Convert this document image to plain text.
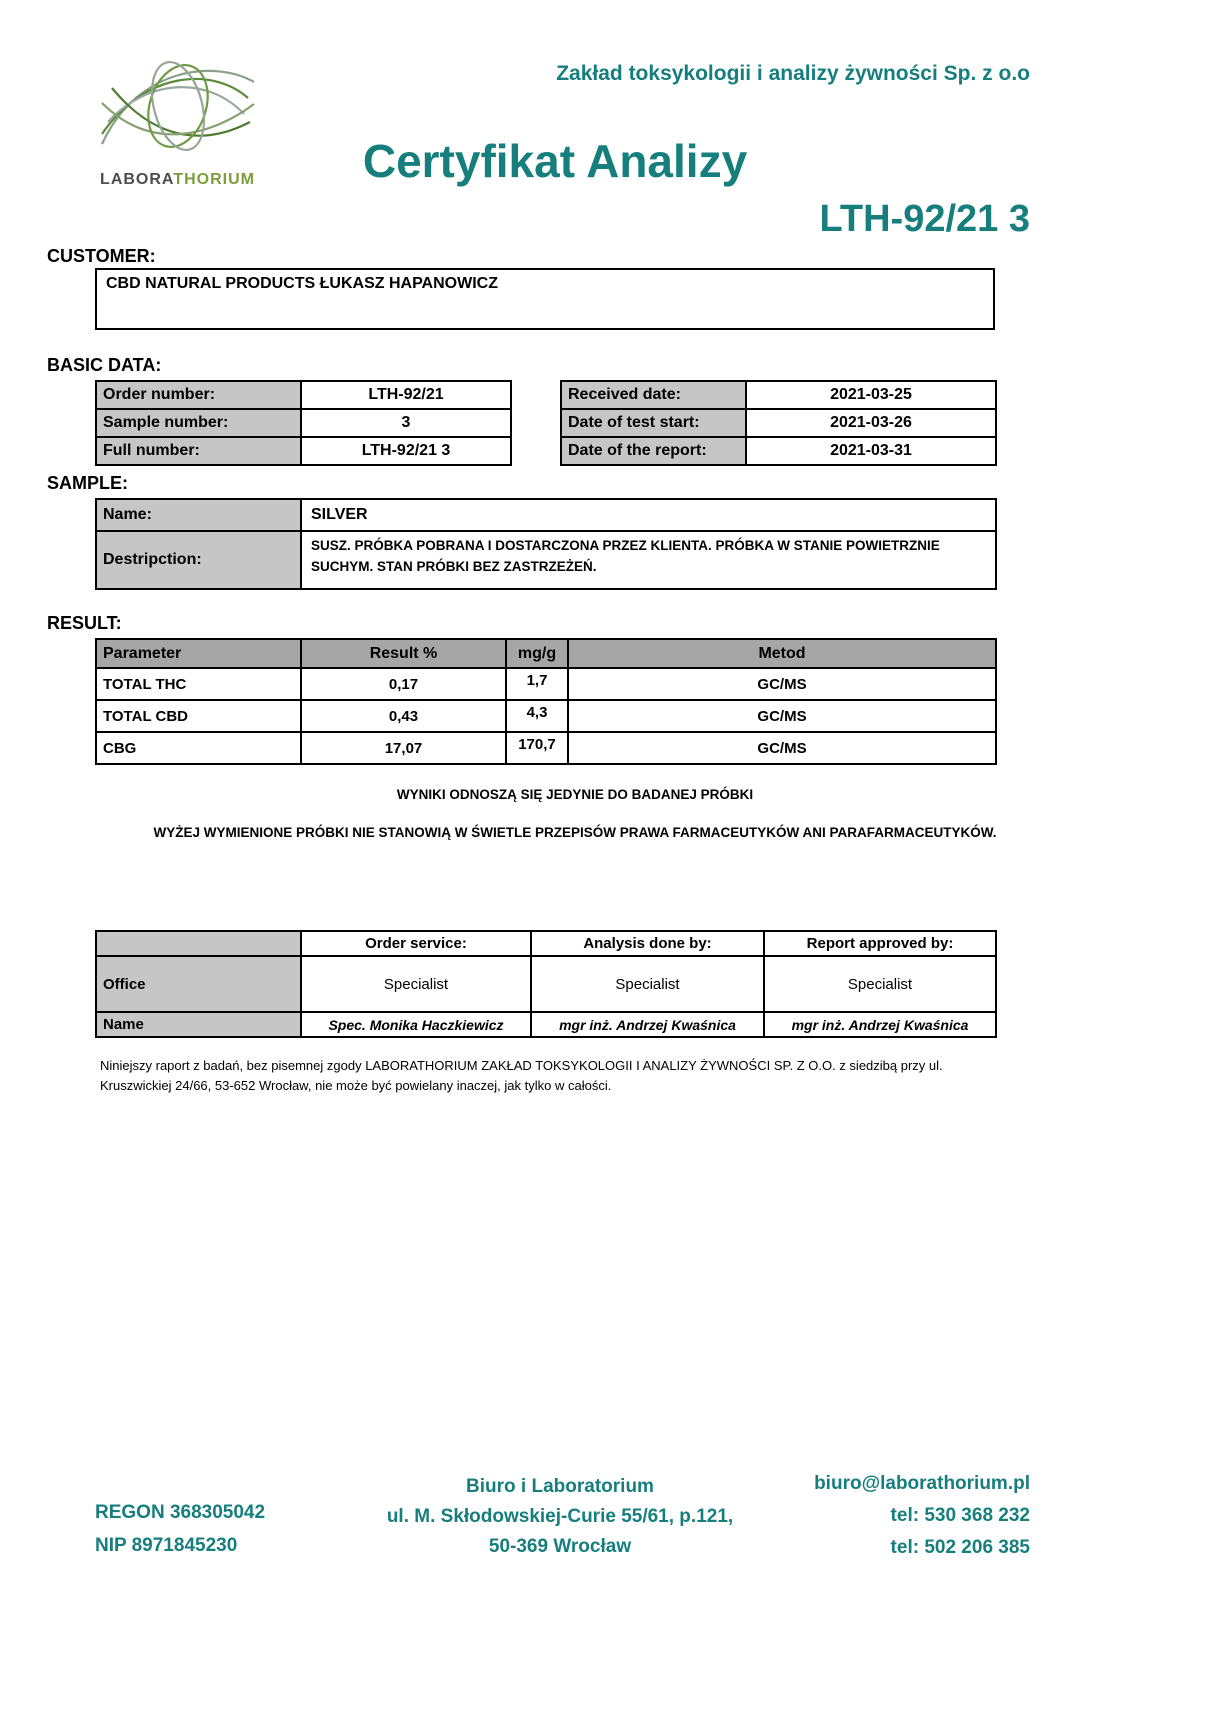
LABORATHORIUM
Zakład toksykologii i analizy żywności Sp. z o.o
Certyfikat Analizy
LTH-92/21 3
CUSTOMER:
CBD NATURAL PRODUCTS ŁUKASZ HAPANOWICZ
BASIC DATA:
Order number:	LTH-92/21
Sample number:	3
Full number:	LTH-92/21 3
Received date:	2021-03-25
Date of test start:	2021-03-26
Date of the report:	2021-03-31
SAMPLE:
Name:	SILVER
Destripction:	SUSZ. PRÓBKA POBRANA I DOSTARCZONA PRZEZ KLIENTA. PRÓBKA W STANIE POWIETRZNIE SUCHYM. STAN PRÓBKI BEZ ZASTRZEŻEŃ.
RESULT:
Parameter	Result %	mg/g	Metod
TOTAL THC	0,17	1,7	GC/MS
TOTAL CBD	0,43	4,3	GC/MS
CBG	17,07	170,7	GC/MS
WYNIKI ODNOSZĄ SIĘ JEDYNIE DO BADANEJ PRÓBKI
WYŻEJ WYMIENIONE PRÓBKI NIE STANOWIĄ W ŚWIETLE PRZEPISÓW PRAWA FARMACEUTYKÓW ANI PARAFARMACEUTYKÓW.
	Order service:	Analysis done by:	Report approved by:
Office	Specialist	Specialist	Specialist
Name	Spec. Monika Haczkiewicz	mgr inż. Andrzej Kwaśnica	mgr inż. Andrzej Kwaśnica
Niniejszy raport z badań, bez pisemnej zgody LABORATHORIUM ZAKŁAD TOKSYKOLOGII I ANALIZY ŻYWNOŚCI SP. Z O.O. z siedzibą przy ul. Kruszwickiej 24/66, 53-652 Wrocław, nie może być powielany inaczej, jak tylko w całości.
REGON 368305042
NIP 8971845230
Biuro i Laboratorium
ul. M. Skłodowskiej-Curie 55/61, p.121,
50-369 Wrocław
biuro@laborathorium.pl
tel: 530 368 232
tel: 502 206 385
